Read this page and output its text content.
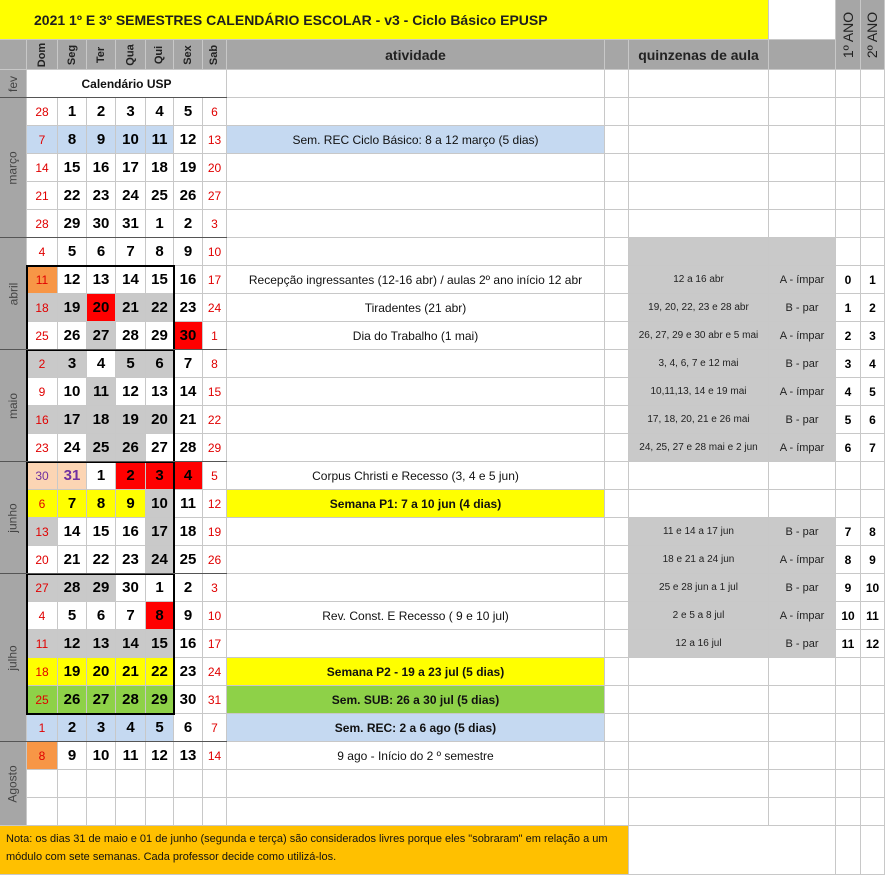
2021 1º E 3º SEMESTRES CALENDÁRIO ESCOLAR - v3 - Ciclo Básico EPUSP	1º ANO 2º ANO
Dom Seg Ter Qua Qui Sex Sab	atividade	quinzenas de aula
fev
março
abril
maio
junho
julho
Agosto
Calendário USP
28	1	2	3	4	5	6
7	8	9	10 11 12 13	Sem. REC Ciclo Básico: 8 a 12 março (5 dias)
14 15 16 17 18 19 20
21 22 23 24 25 26 27
28 29 30 31	1	2	3
4	5	6	7	8	9	10
11	12 13 14 15 16 17	Recepção ingressantes (12-16 abr) / aulas 2º ano início 12 abr	12 a 16 abr	A - ímpar	0	1
18 19 20 21 22 23 24	Tiradentes (21 abr)	19, 20, 22, 23 e 28 abr	B - par	1	2
25 26 27 28 29 30	1	Dia do Trabalho (1 mai)	26, 27, 29 e 30 abr e 5 mai	A - ímpar	2	3
2	3	4	5	6	7	8	3, 4, 6, 7 e 12 mai	B - par	3	4
9	10 11 12 13 14 15	10,11,13, 14 e 19 mai	A - ímpar	4	5
16 17 18 19 20 21 22	17, 18, 20, 21 e 26 mai	B - par	5	6
23 24 25 26 27 28 29	24, 25, 27 e 28 mai e 2 jun	A - ímpar	6	7
30 31	1	2	3	4	5	Corpus Christi e Recesso (3, 4 e 5 jun)
6	7	8	9	10 11 12	Semana P1: 7 a 10 jun (4 dias)
13 14 15 16 17 18 19	11 e 14 a 17 jun	B - par	7	8
20 21 22 23 24 25 26	18 e 21 a 24 jun	A - ímpar	8	9
27 28 29 30	1	2	3	25 e 28 jun a 1 jul	B - par	9	10
4	5	6	7	8	9	10	Rev. Const. E Recesso ( 9 e 10 jul)	2 e 5 a 8 jul	A - ímpar	10 11
11	12 13 14 15 16 17	12 a 16 jul	B - par	11 12
18 19 20 21 22 23 24	Semana P2 - 19 a 23 jul (5 dias)
25 26 27 28 29 30 31	Sem. SUB: 26 a 30 jul (5 dias)
1	2	3	4	5	6	7	Sem. REC: 2 a 6 ago (5 dias)
8	9	10 11 12 13 14	9 ago - Início do 2 º semestre
Nota: os dias 31 de maio e 01 de junho (segunda e terça) são considerados livres porque eles "sobraram" em relação a um módulo com sete semanas. Cada professor decide como utilizá-los.
